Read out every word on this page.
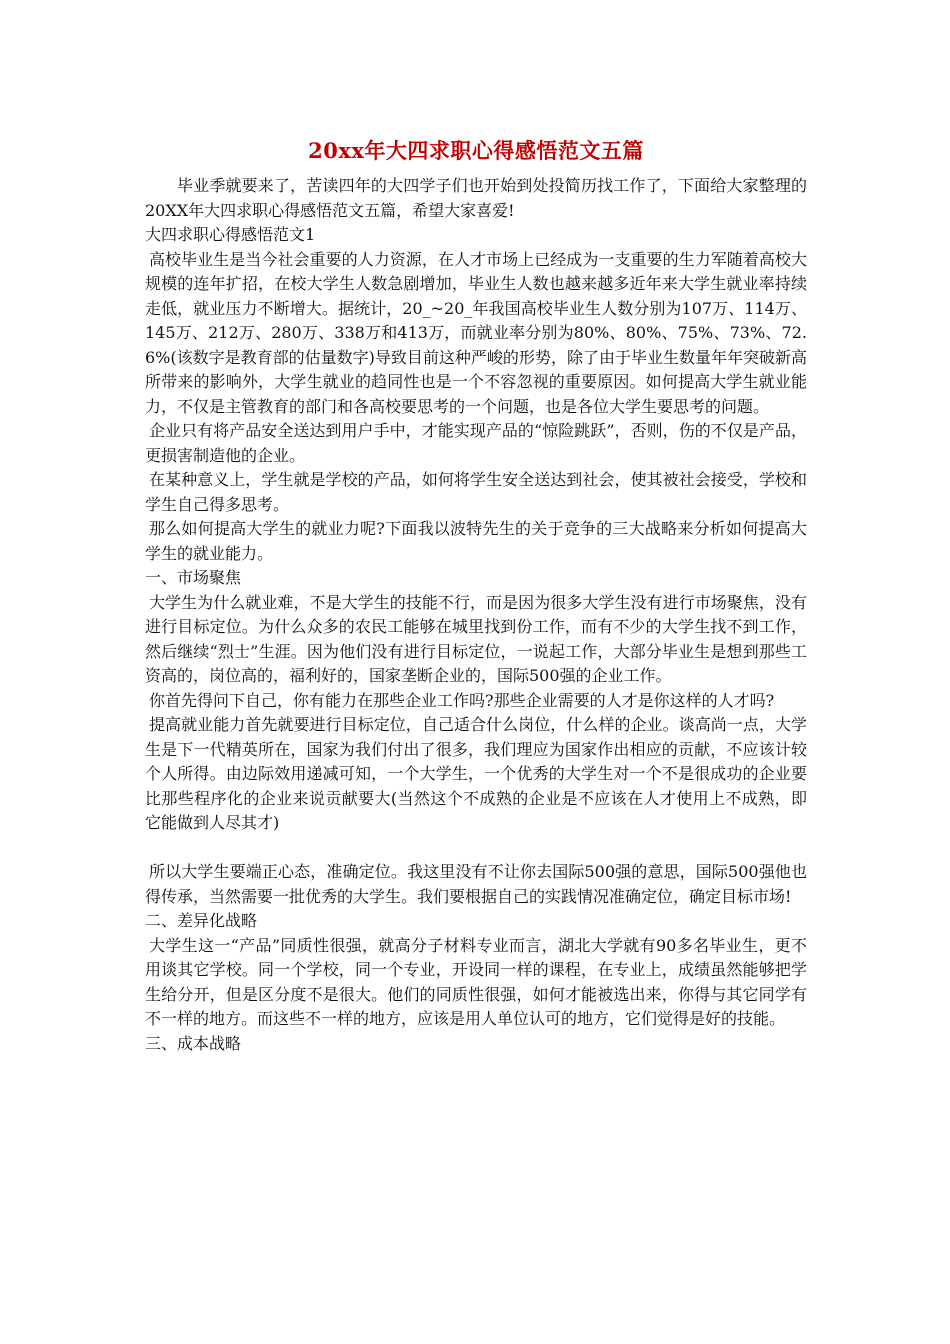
20xx年大四求职心得感悟范文五篇

毕业季就要来了，苦读四年的大四学子们也开始到处投简历找工作了，下面给大家整理的20XX年大四求职心得感悟范文五篇，希望大家喜爱!

大四求职心得感悟范文1

高校毕业生是当今社会重要的人力资源，在人才市场上已经成为一支重要的生力军随着高校大规模的连年扩招，在校大学生人数急剧增加，毕业生人数也越来越多近年来大学生就业率持续走低，就业压力不断增大。据统计，20_~20_年我国高校毕业生人数分别为107万、114万、145万、212万、280万、338万和413万，而就业率分别为80%、80%、75%、73%、72.6%(该数字是教育部的估量数字)导致目前这种严峻的形势，除了由于毕业生数量年年突破新高所带来的影响外，大学生就业的趋同性也是一个不容忽视的重要原因。如何提高大学生就业能力，不仅是主管教育的部门和各高校要思考的一个问题，也是各位大学生要思考的问题。

企业只有将产品安全送达到用户手中，才能实现产品的“惊险跳跃”，否则，伤的不仅是产品，更损害制造他的企业。

在某种意义上，学生就是学校的产品，如何将学生安全送达到社会，使其被社会接受，学校和学生自己得多思考。

那么如何提高大学生的就业力呢?下面我以波特先生的关于竞争的三大战略来分析如何提高大学生的就业能力。

一、市场聚焦

大学生为什么就业难，不是大学生的技能不行，而是因为很多大学生没有进行市场聚焦，没有进行目标定位。为什么众多的农民工能够在城里找到份工作，而有不少的大学生找不到工作，然后继续“烈士”生涯。因为他们没有进行目标定位，一说起工作，大部分毕业生是想到那些工资高的，岗位高的，福利好的，国家垄断企业的，国际500强的企业工作。

你首先得问下自己，你有能力在那些企业工作吗?那些企业需要的人才是你这样的人才吗?

提高就业能力首先就要进行目标定位，自己适合什么岗位，什么样的企业。谈高尚一点，大学生是下一代精英所在，国家为我们付出了很多，我们理应为国家作出相应的贡献，不应该计较个人所得。由边际效用递减可知，一个大学生，一个优秀的大学生对一个不是很成功的企业要比那些程序化的企业来说贡献要大(当然这个不成熟的企业是不应该在人才使用上不成熟，即它能做到人尽其才)

所以大学生要端正心态，准确定位。我这里没有不让你去国际500强的意思，国际500强他也得传承，当然需要一批优秀的大学生。我们要根据自己的实践情况准确定位，确定目标市场!

二、差异化战略

大学生这一“产品”同质性很强，就高分子材料专业而言，湖北大学就有90多名毕业生，更不用谈其它学校。同一个学校，同一个专业，开设同一样的课程，在专业上，成绩虽然能够把学生给分开，但是区分度不是很大。他们的同质性很强，如何才能被选出来，你得与其它同学有不一样的地方。而这些不一样的地方，应该是用人单位认可的地方，它们觉得是好的技能。

三、成本战略
